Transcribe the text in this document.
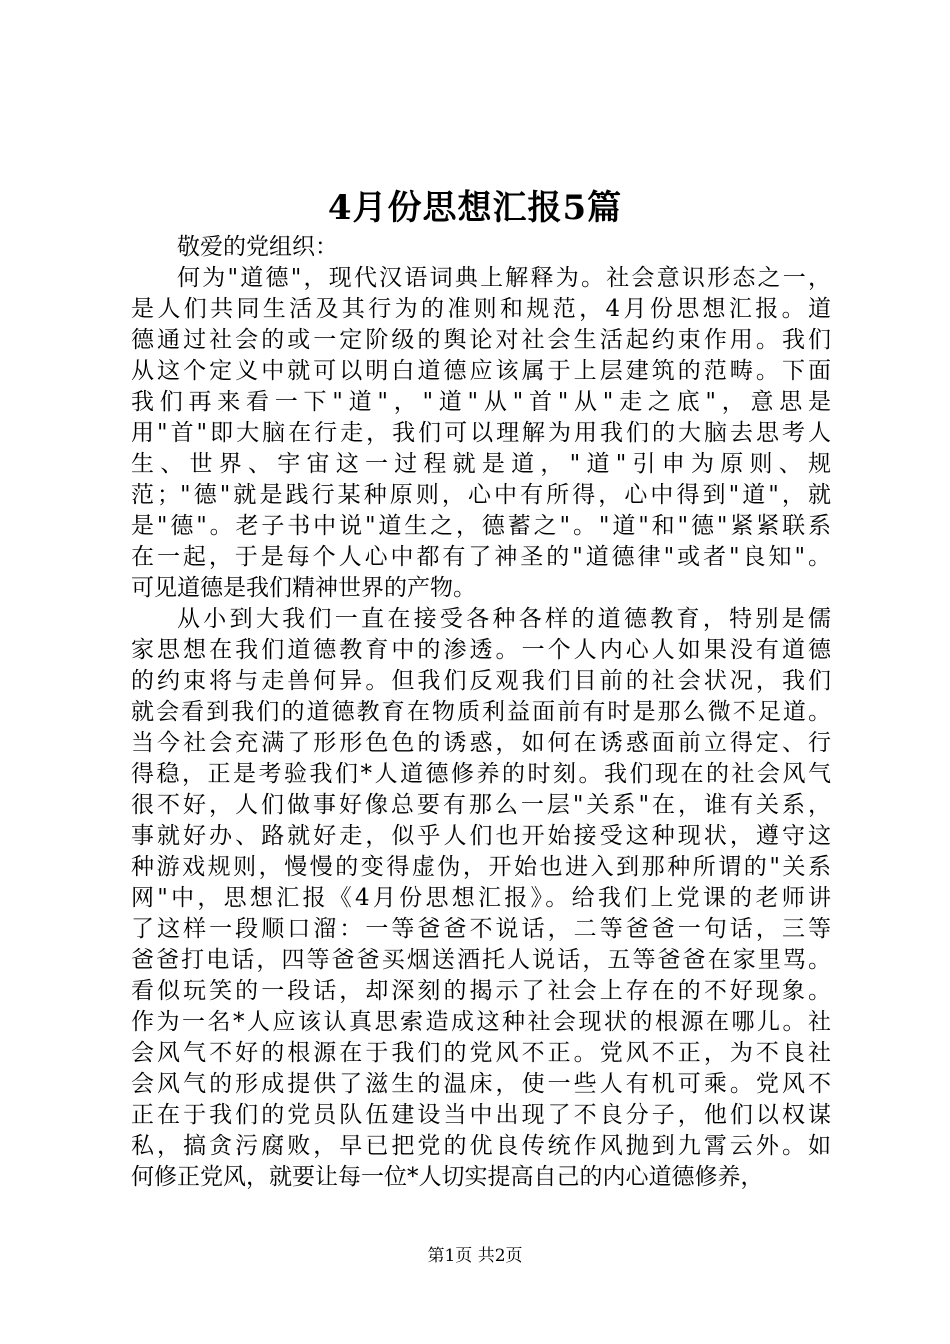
4月份思想汇报5篇
敬爱的党组织：
何为"道德"，现代汉语词典上解释为。社会意识形态之一，
是人们共同生活及其行为的准则和规范，4月份思想汇报。道
德通过社会的或一定阶级的舆论对社会生活起约束作用。我们
从这个定义中就可以明白道德应该属于上层建筑的范畴。下面
我们再来看一下"道"，"道"从"首"从"走之底"，意思是
用"首"即大脑在行走，我们可以理解为用我们的大脑去思考人
生、世界、宇宙这一过程就是道，"道"引申为原则、规
范；"德"就是践行某种原则，心中有所得，心中得到"道"，就
是"德"。老子书中说"道生之，德蓄之"。"道"和"德"紧紧联系
在一起，于是每个人心中都有了神圣的"道德律"或者"良知"。
可见道德是我们精神世界的产物。
从小到大我们一直在接受各种各样的道德教育，特别是儒
家思想在我们道德教育中的渗透。一个人内心人如果没有道德
的约束将与走兽何异。但我们反观我们目前的社会状况，我们
就会看到我们的道德教育在物质利益面前有时是那么微不足道。
当今社会充满了形形色色的诱惑，如何在诱惑面前立得定、行
得稳，正是考验我们*人道德修养的时刻。我们现在的社会风气
很不好，人们做事好像总要有那么一层"关系"在，谁有关系，
事就好办、路就好走，似乎人们也开始接受这种现状，遵守这
种游戏规则，慢慢的变得虚伪，开始也进入到那种所谓的"关系
网"中，思想汇报《4月份思想汇报》。给我们上党课的老师讲
了这样一段顺口溜：一等爸爸不说话，二等爸爸一句话，三等
爸爸打电话，四等爸爸买烟送酒托人说话，五等爸爸在家里骂。
看似玩笑的一段话，却深刻的揭示了社会上存在的不好现象。
作为一名*人应该认真思索造成这种社会现状的根源在哪儿。社
会风气不好的根源在于我们的党风不正。党风不正，为不良社
会风气的形成提供了滋生的温床，使一些人有机可乘。党风不
正在于我们的党员队伍建设当中出现了不良分子，他们以权谋
私，搞贪污腐败，早已把党的优良传统作风抛到九霄云外。如
何修正党风，就要让每一位*人切实提高自己的内心道德修养，
第1页 共2页
